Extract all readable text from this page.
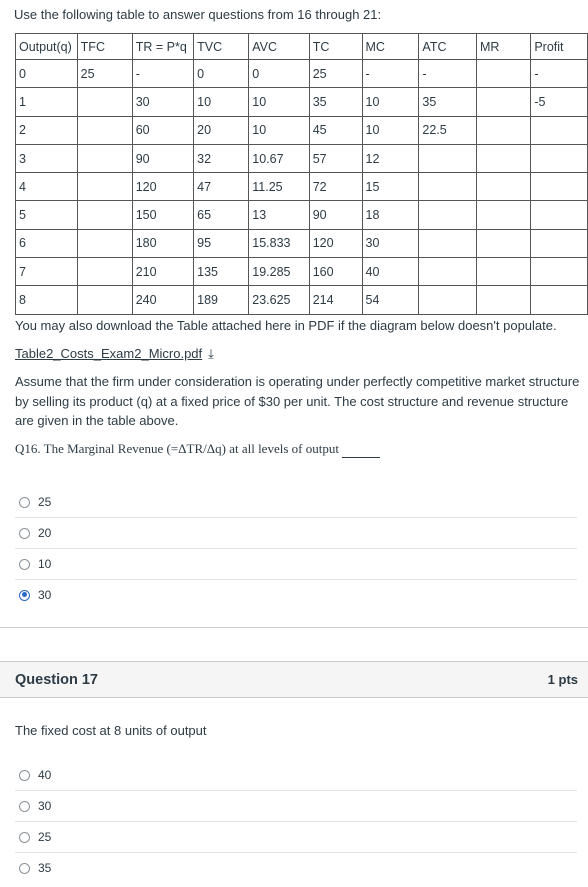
Use the following table to answer questions from 16 through 21:
Output(q)	TFC	TR = P*q	TVC	AVC	TC	MC	ATC	MR	Profit
0	25	-	0	0	25	-	-		-
1		30	10	10	35	10	35		-5
2		60	20	10	45	10	22.5		
3		90	32	10.67	57	12			
4		120	47	11.25	72	15			
5		150	65	13	90	18			
6		180	95	15.833	120	30			
7		210	135	19.285	160	40			
8		240	189	23.625	214	54			
You may also download the Table attached here in PDF if the diagram below doesn't populate.
Table2_Costs_Exam2_Micro.pdf ⤓
Assume that the firm under consideration is operating under perfectly competitive market structure by selling its product (q) at a fixed price of $30 per unit. The cost structure and revenue structure are given in the table above.
Q16. The Marginal Revenue (=ΔTR/Δq) at all levels of output
25
20
10
30
Question 17	1 pts
The fixed cost at 8 units of output
40
30
25
35
